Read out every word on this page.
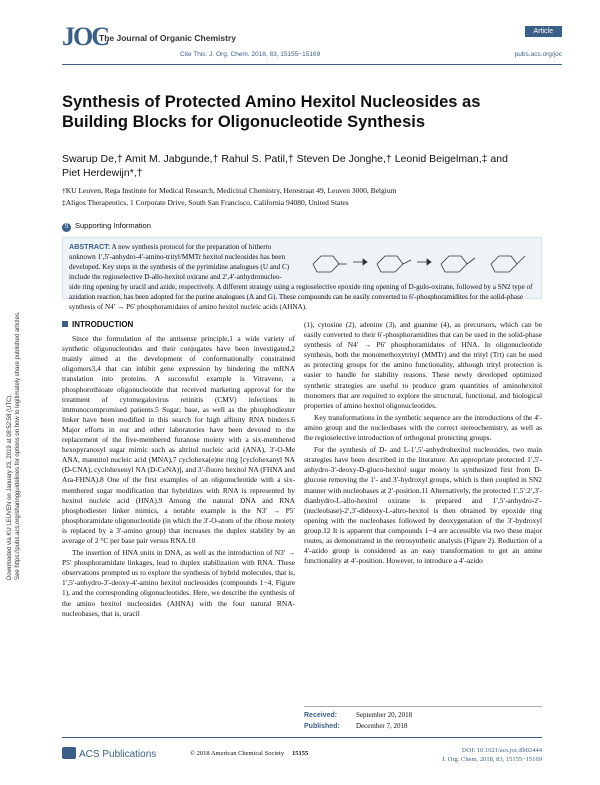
JOC
The Journal of Organic Chemistry
Article
Cite This: J. Org. Chem. 2018, 83, 15155−15169	pubs.acs.org/joc
Downloaded via KU LEUVEN on January 23, 2019 at 08:52:58 (UTC). See https://pubs.acs.org/sharingguidelines for options on how to legitimately share published articles.
Synthesis of Protected Amino Hexitol Nucleosides as Building Blocks for Oligonucleotide Synthesis
Swarup De,† Amit M. Jabgunde,† Rahul S. Patil,† Steven De Jonghe,† Leonid Beigelman,‡ and Piet Herdewijn*,†
†KU Leuven, Rega Institute for Medical Research, Medicinal Chemistry, Herestraat 49, Leuven 3000, Belgium
‡Aligos Therapeutics, 1 Corporate Drive, South San Francisco, California 94080, United States
S Supporting Information
ABSTRACT: A new synthesis protocol for the preparation of hitherto unknown 1′,5′-anhydro-4′-amino-trityl/MMTr hexitol nucleosides has been developed. Key steps in the synthesis of the pyrimidine analogues (U and C) include the regioselective D-allo-hexitol oxirane and 2′,4′-anhydronucleo-
side ring opening by uracil and azide, respectively. A different strategy using a regioselective epoxide ring opening of D-gulo-oxirane, followed by a SN2 type of azidation reaction, has been adopted for the purine analogues (A and G). These compounds can be easily converted to 6′-phosphoramidites for the solid-phase synthesis of N4′ → P6′ phosphoramidates of amino hexitol nucleic acids (AHNA).
INTRODUCTION

Since the formulation of the antisense principle,1 a wide variety of synthetic oligonucleotides and their conjugates have been investigated,2 mainly aimed at the development of conformationally constrained oligomers3,4 that can inhibit gene expression by hindering the mRNA translation into proteins. A successful example is Vitravene, a phosphorothioate oligonucleotide that received marketing approval for the treatment of cytomegalovirus retinitis (CMV) infections in immunocompromised patients.5 Sugar, base, as well as the phosphodiester linker have been modified in this search for high affinity RNA binders.6 Major efforts in our and other laboratories have been devoted to the replacement of the five-membered furanose moiety with a six-membered hexopyranosyl sugar mimic such as altritol nucleic acid (ANA), 3′-O-Me ANA, mannitol nucleic acid (MNA),7 cyclohexa(e)ne ring [cyclohexanyl NA (D-CNA), cyclohexenyl NA (D-CeNA)], and 3′-fluoro hexitol NA (FHNA and Ara-FHNA).8 One of the first examples of an oligonucleotide with a six-membered sugar modification that hybridizes with RNA is represented by hexitol nucleic acid (HNA).9 Among the natural DNA and RNA phosphodiester linker mimics, a notable example is the N3′ → P5′ phosphoramidate oligonucleotide (in which the 3′-O-atom of the ribose moiety is replaced by a 3′-amino group) that increases the duplex stability by an average of 2 °C per base pair versus RNA.10

The insertion of HNA units in DNA, as well as the introduction of N3′ → P5′ phosphoramidate linkages, lead to duplex stabilization with RNA. These observations prompted us to explore the synthesis of hybrid molecules, that is, 1′,5′-anhydro-3′-deoxy-4′-amino hexitol nucleosides (compounds 1−4, Figure 1), and the corresponding oligonucleotides. Here, we describe the synthesis of the amino hexitol nucleosides (AHNA) with the four natural RNA-nucleobases, that is, uracil

(1), cytosine (2), adenine (3), and guanine (4), as precursors, which can be easily converted to their 6′-phosphoramidites that can be used in the solid-phase synthesis of N4′ → P6′ phosphoramidates of HNA. In oligonucleotide synthesis, both the monomethoxytrityl (MMTr) and the trityl (Trt) can be used as protecting groups for the amino functionality, although trityl protection is easier to handle for stability reasons. These newly developed optimized synthetic strategies are useful to produce gram quantities of aminohexitol monomers that are required to explore the structural, functional, and biological properties of amino hexitol oligonucleotides.

Key transformations in the synthetic sequence are the introductions of the 4′-amino group and the nucleobases with the correct stereochemistry, as well as the regioselective introduction of orthogonal protecting groups.

For the synthesis of D- and L-1′,5′-anhydrohexitol nucleosides, two main strategies have been described in the literature. An appropriate protected 1′,5′-anhydro-3′-deoxy-D-gluco-hexitol sugar moiety is synthesized first from D-glucose removing the 1′- and 3′-hydroxyl groups, which is then coupled in SN2 manner with nucleobases at 2′-position.11 Alternatively, the protected 1′,5′:2′,3′-dianhydro-L-allo-hexitol oxirane is prepared and 1′,5′-anhydro-2′-(nucleobase)-2′,3′-dideoxy-L-altro-hexitol is then obtained by epoxide ring opening with the nucleobases followed by deoxygenation of the 3′-hydroxyl group.12 It is apparent that compounds 1−4 are accessible via two these major routes, as demonstrated in the retrosynthetic analysis (Figure 2). Reduction of a 4′-azido group is considered as an easy transformation to get an amine functionality at 4′-position. However, to introduce a 4′-azido

Received:	September 20, 2018
Published: December 7, 2018
ACS Publications	© 2018 American Chemical Society 15155	DOI: 10.1021/acs.joc.8b02444
J. Org. Chem. 2018, 83, 15155−15169
